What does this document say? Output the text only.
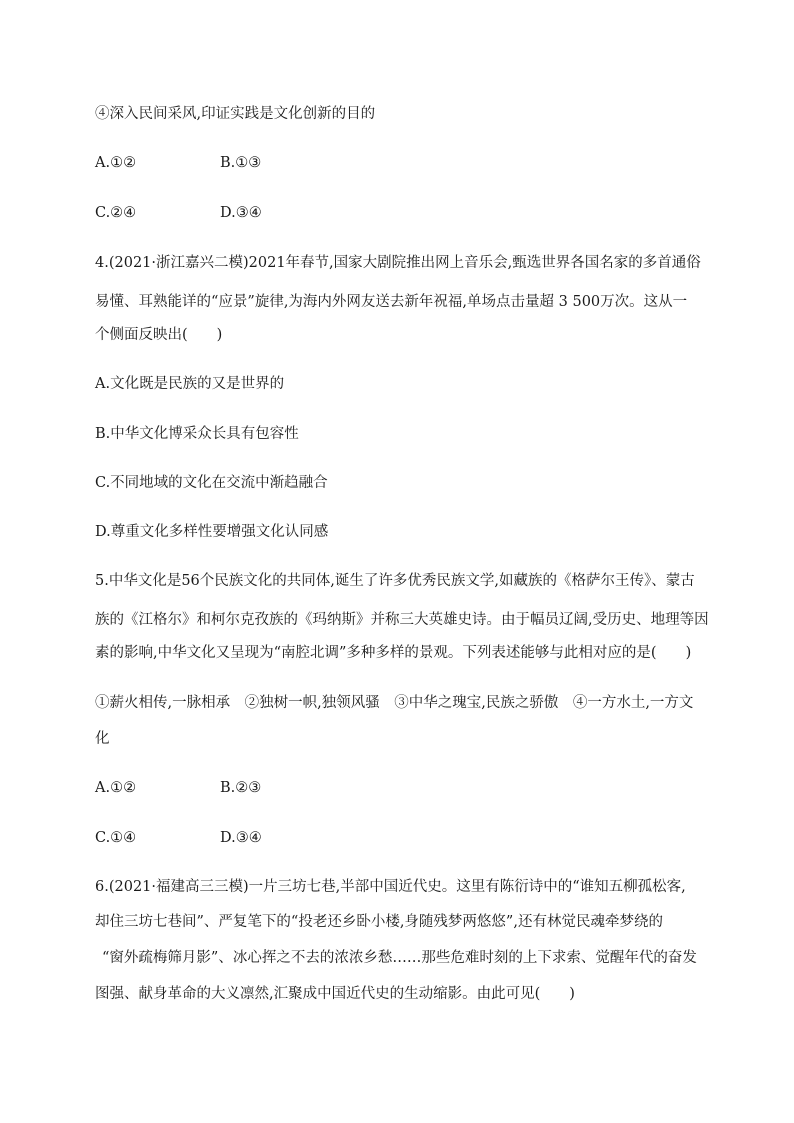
④深入民间采风,印证实践是文化创新的目的
A.①②	B.①③
C.②④	D.③④
4.(2021·浙江嘉兴二模)2021年春节,国家大剧院推出网上音乐会,甄选世界各国名家的多首通俗
易懂、耳熟能详的“应景”旋律,为海内外网友送去新年祝福,单场点击量超 3 500万次。这从一
个侧面反映出(　　)
A.文化既是民族的又是世界的
B.中华文化博采众长具有包容性
C.不同地域的文化在交流中渐趋融合
D.尊重文化多样性要增强文化认同感
5.中华文化是56个民族文化的共同体,诞生了许多优秀民族文学,如藏族的《格萨尔王传》、蒙古
族的《江格尔》和柯尔克孜族的《玛纳斯》并称三大英雄史诗。由于幅员辽阔,受历史、地理等因
素的影响,中华文化又呈现为“南腔北调”多种多样的景观。下列表述能够与此相对应的是(　　)
①薪火相传,一脉相承　②独树一帜,独领风骚　③中华之瑰宝,民族之骄傲　④一方水土,一方文
化
A.①②	B.②③
C.①④	D.③④
6.(2021·福建高三三模)一片三坊七巷,半部中国近代史。这里有陈衍诗中的“谁知五柳孤松客,
却住三坊七巷间”、严复笔下的“投老还乡卧小楼,身随残梦两悠悠”,还有林觉民魂牵梦绕的
“窗外疏梅筛月影”、冰心挥之不去的浓浓乡愁……那些危难时刻的上下求索、觉醒年代的奋发
图强、献身革命的大义凛然,汇聚成中国近代史的生动缩影。由此可见(　　)
